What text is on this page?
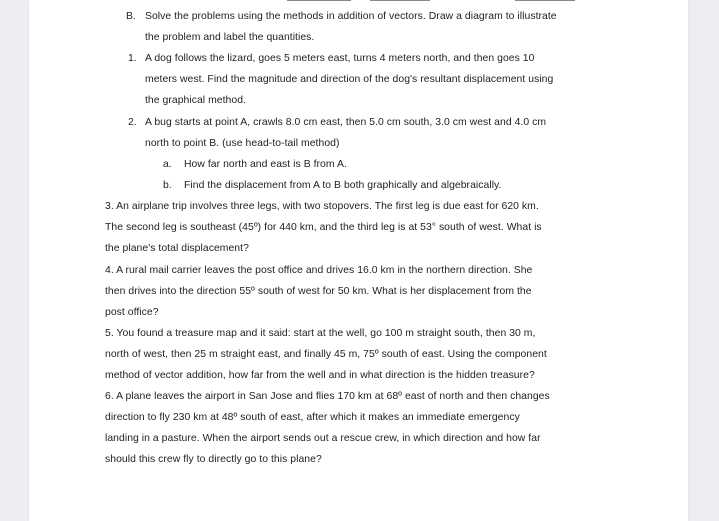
B. Solve the problems using the methods in addition of vectors. Draw a diagram to illustrate
the problem and label the quantities.
1. A dog follows the lizard, goes 5 meters east, turns 4 meters north, and then goes 10
meters west. Find the magnitude and direction of the dog's resultant displacement using
the graphical method.
2. A bug starts at point A, crawls 8.0 cm east, then 5.0 cm south, 3.0 cm west and 4.0 cm
north to point B. (use head-to-tail method)
a. How far north and east is B from A.
b. Find the displacement from A to B both graphically and algebraically.
3. An airplane trip involves three legs, with two stopovers. The first leg is due east for 620 km.
The second leg is southeast (45º) for 440 km, and the third leg is at 53° south of west. What is
the plane's total displacement?
4. A rural mail carrier leaves the post office and drives 16.0 km in the northern direction. She
then drives into the direction 55º south of west for 50 km. What is her displacement from the
post office?
5. You found a treasure map and it said: start at the well, go 100 m straight south, then 30 m,
north of west, then 25 m straight east, and finally 45 m, 75º south of east. Using the component
method of vector addition, how far from the well and in what direction is the hidden treasure?
6. A plane leaves the airport in San Jose and flies 170 km at 68º east of north and then changes
direction to fly 230 km at 48º south of east, after which it makes an immediate emergency
landing in a pasture. When the airport sends out a rescue crew, in which direction and how far
should this crew fly to directly go to this plane?
